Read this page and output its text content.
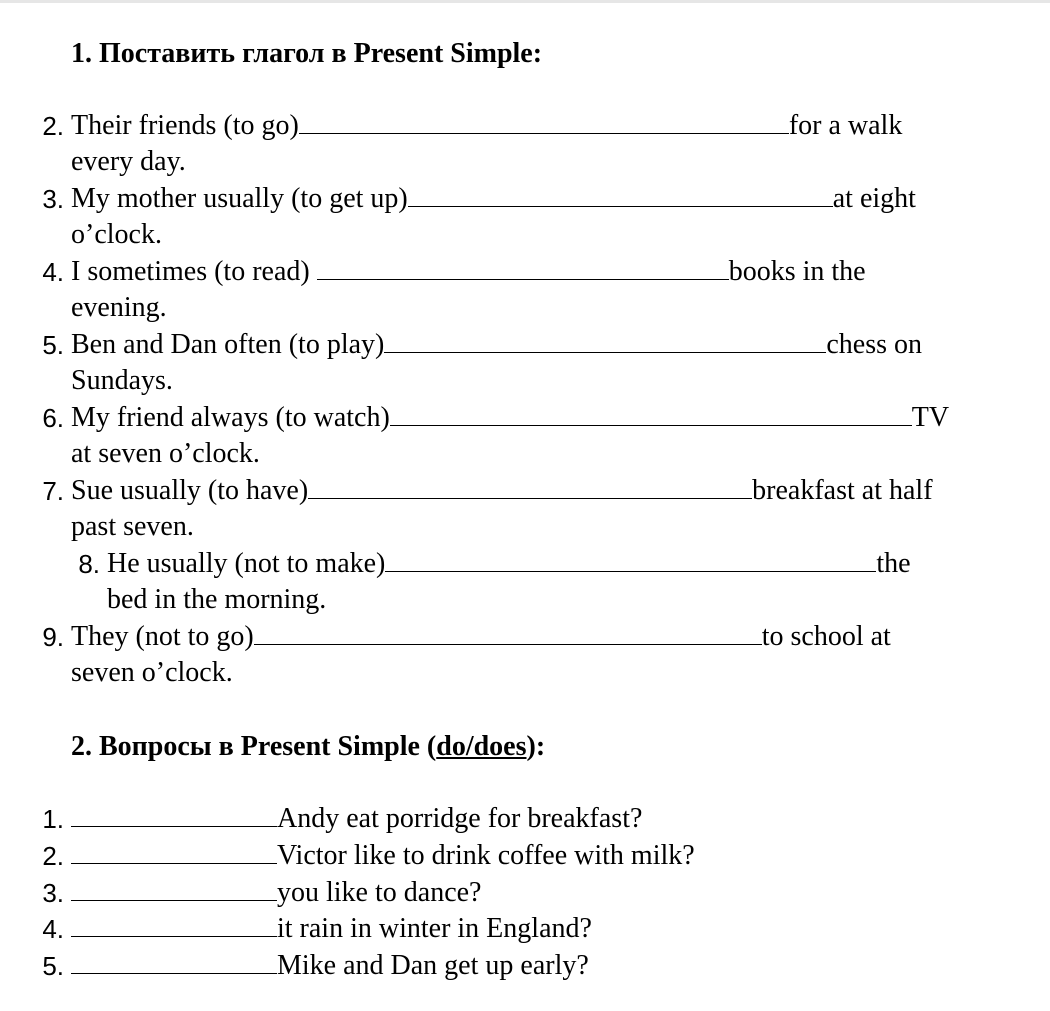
1. Поставить глагол в Present Simple:
2. Their friends (to go)	for a walk
every day.
3. My mother usually (to get up)	at eight
o’clock.
4. I sometimes (to read)	books in the
evening.
5. Ben and Dan often (to play)	chess on
Sundays.
6. My friend always (to watch)	TV
at seven o’clock.
7. Sue usually (to have)	breakfast at half
past seven.
8. He usually (not to make)	the
bed in the morning.
9. They (not to go)	to school at
seven o’clock.
2. Вопросы в Present Simple (do/does):
1.	Andy eat porridge for breakfast?
2.	Victor like to drink coffee with milk?
3.	you like to dance?
4.	it rain in winter in England?
5.	Mike and Dan get up early?
